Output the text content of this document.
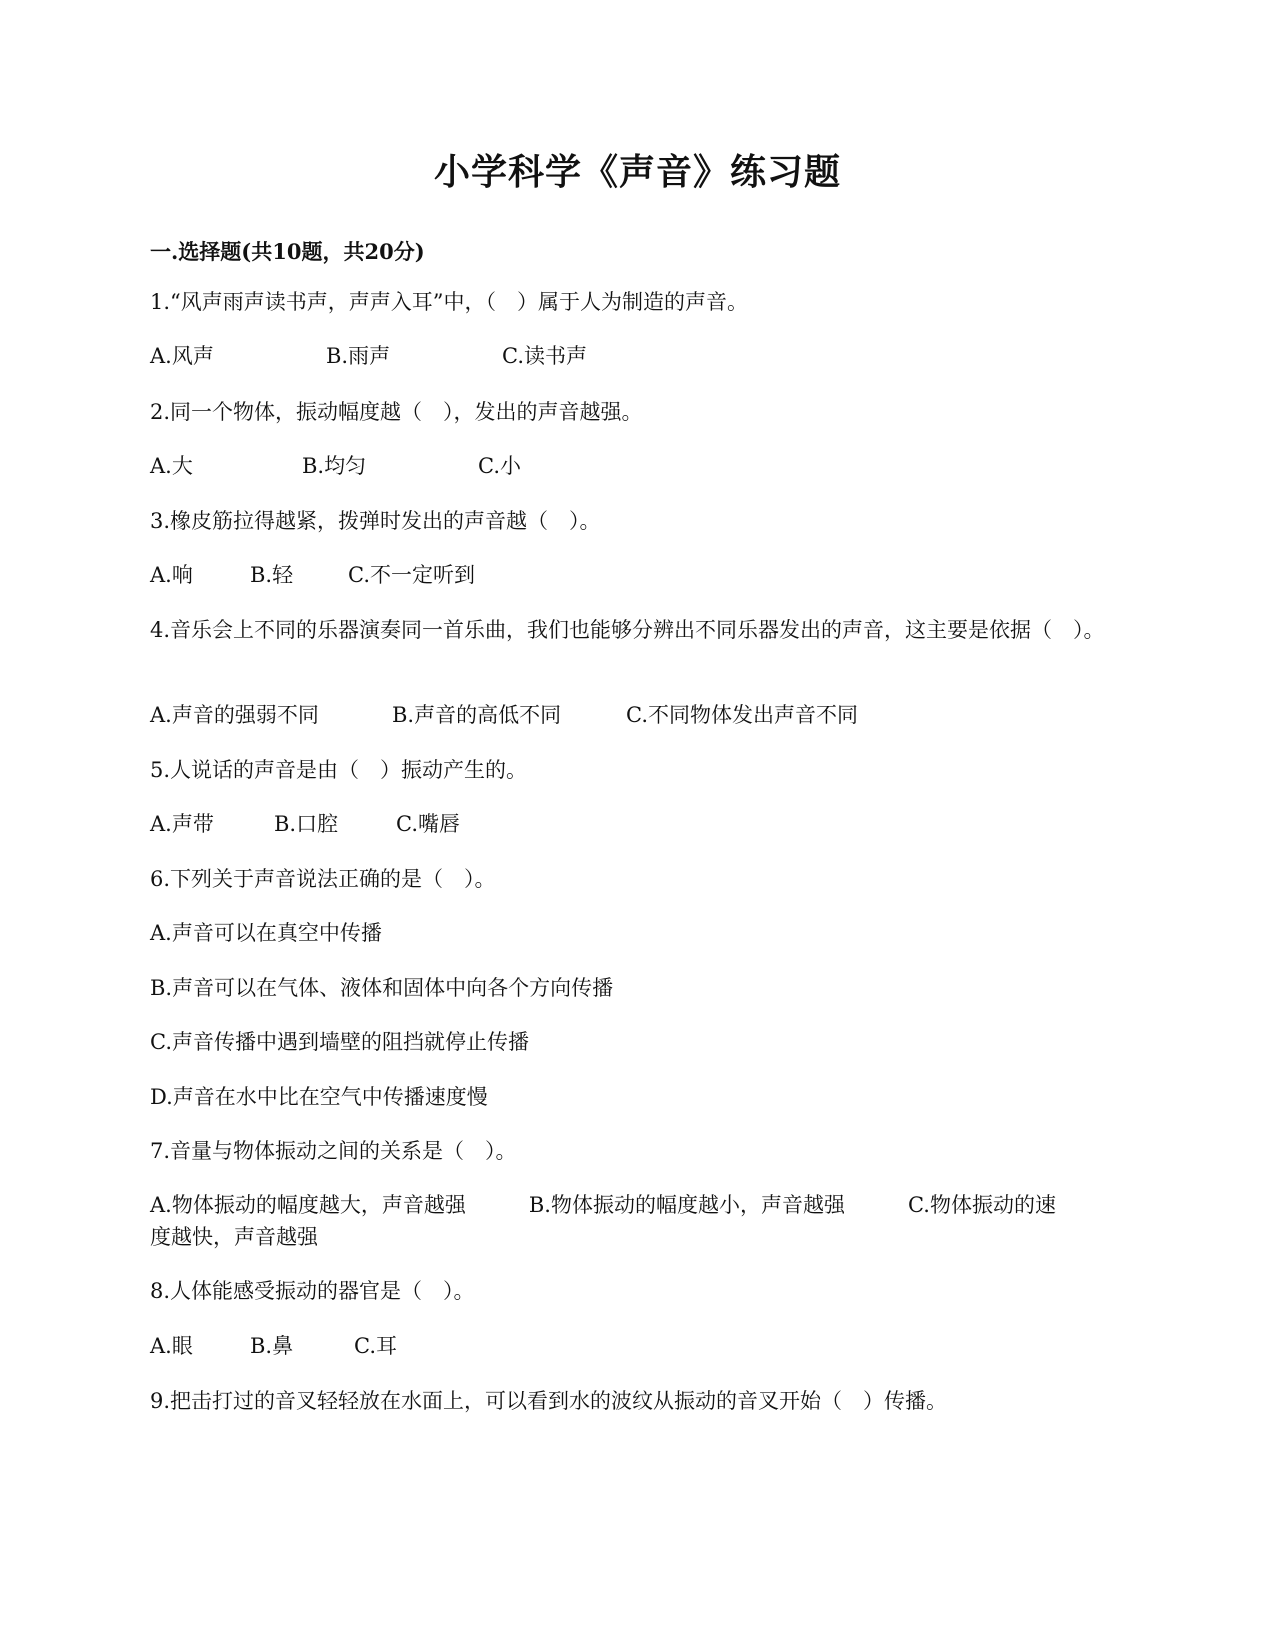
小学科学《声音》练习题
一.选择题(共10题，共20分)
1.“风声雨声读书声，声声入耳”中，（　）属于人为制造的声音。
A.风声	B.雨声	C.读书声
2.同一个物体，振动幅度越（　），发出的声音越强。
A.大	B.均匀	C.小
3.橡皮筋拉得越紧，拨弹时发出的声音越（　）。
A.响	B.轻	C.不一定听到
4.音乐会上不同的乐器演奏同一首乐曲，我们也能够分辨出不同乐器发出的声音，这主要是依据（　）。
A.声音的强弱不同	B.声音的高低不同	C.不同物体发出声音不同
5.人说话的声音是由（　）振动产生的。
A.声带	B.口腔	C.嘴唇
6.下列关于声音说法正确的是（　）。
A.声音可以在真空中传播
B.声音可以在气体、液体和固体中向各个方向传播
C.声音传播中遇到墙壁的阻挡就停止传播
D.声音在水中比在空气中传播速度慢
7.音量与物体振动之间的关系是（　）。
A.物体振动的幅度越大，声音越强　　　B.物体振动的幅度越小，声音越强　　　C.物体振动的速度越快，声音越强
8.人体能感受振动的器官是（　）。
A.眼	B.鼻	C.耳
9.把击打过的音叉轻轻放在水面上，可以看到水的波纹从振动的音叉开始（　）传播。
